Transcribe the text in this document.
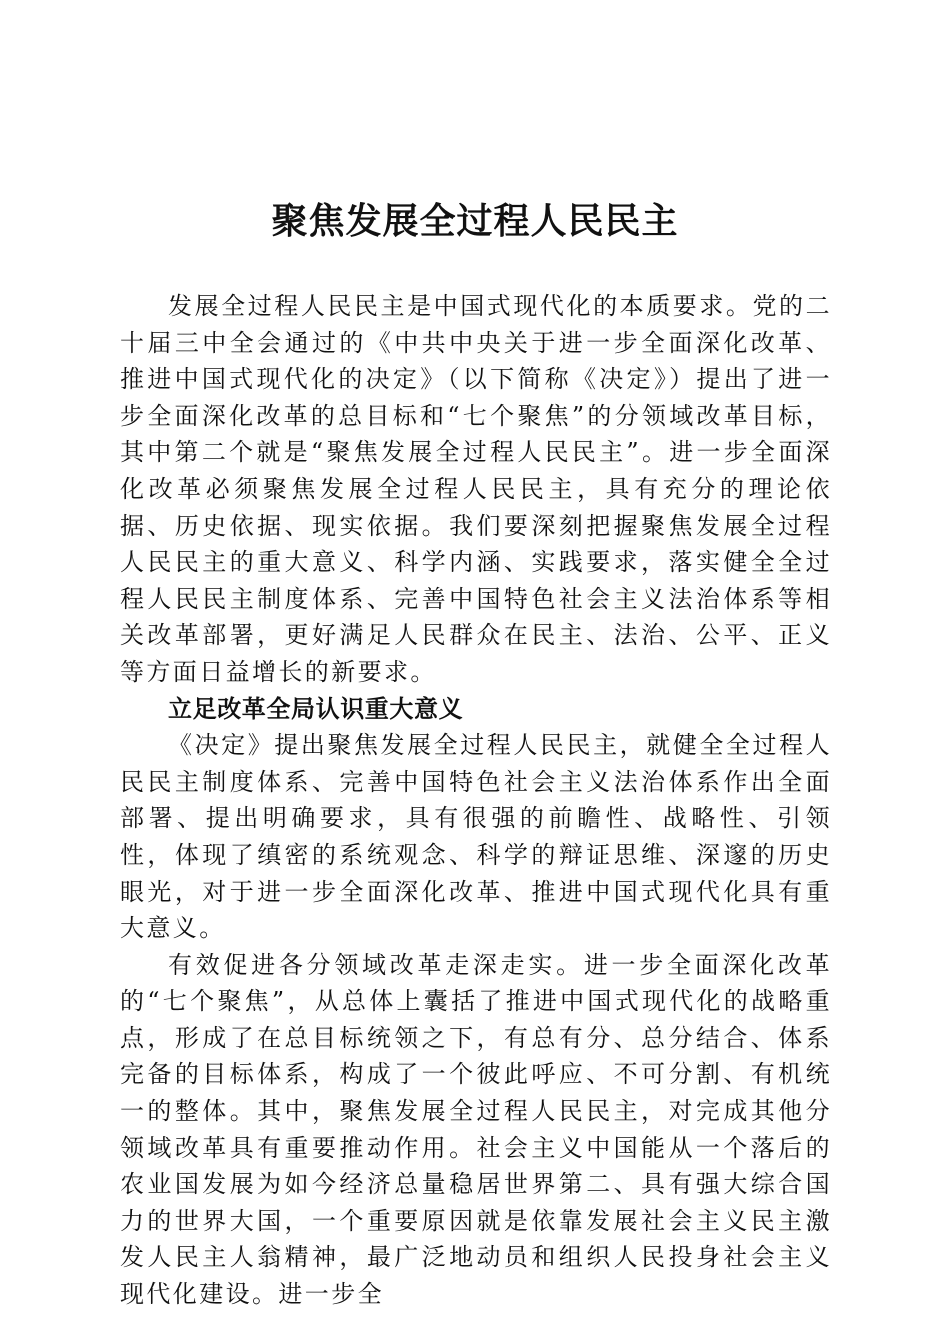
聚焦发展全过程人民民主

发展全过程人民民主是中国式现代化的本质要求。党的二十届三中全会通过的《中共中央关于进一步全面深化改革、推进中国式现代化的决定》（以下简称《决定》）提出了进一步全面深化改革的总目标和“七个聚焦”的分领域改革目标，其中第二个就是“聚焦发展全过程人民民主”。进一步全面深化改革必须聚焦发展全过程人民民主，具有充分的理论依据、历史依据、现实依据。我们要深刻把握聚焦发展全过程人民民主的重大意义、科学内涵、实践要求，落实健全全过程人民民主制度体系、完善中国特色社会主义法治体系等相关改革部署，更好满足人民群众在民主、法治、公平、正义等方面日益增长的新要求。

立足改革全局认识重大意义

《决定》提出聚焦发展全过程人民民主，就健全全过程人民民主制度体系、完善中国特色社会主义法治体系作出全面部署、提出明确要求，具有很强的前瞻性、战略性、引领性，体现了缜密的系统观念、科学的辩证思维、深邃的历史眼光，对于进一步全面深化改革、推进中国式现代化具有重大意义。

有效促进各分领域改革走深走实。进一步全面深化改革的“七个聚焦”，从总体上囊括了推进中国式现代化的战略重点，形成了在总目标统领之下，有总有分、总分结合、体系完备的目标体系，构成了一个彼此呼应、不可分割、有机统一的整体。其中，聚焦发展全过程人民民主，对完成其他分领域改革具有重要推动作用。社会主义中国能从一个落后的农业国发展为如今经济总量稳居世界第二、具有强大综合国力的世界大国，一个重要原因就是依靠发展社会主义民主激发人民主人翁精神，最广泛地动员和组织人民投身社会主义现代化建设。进一步全
